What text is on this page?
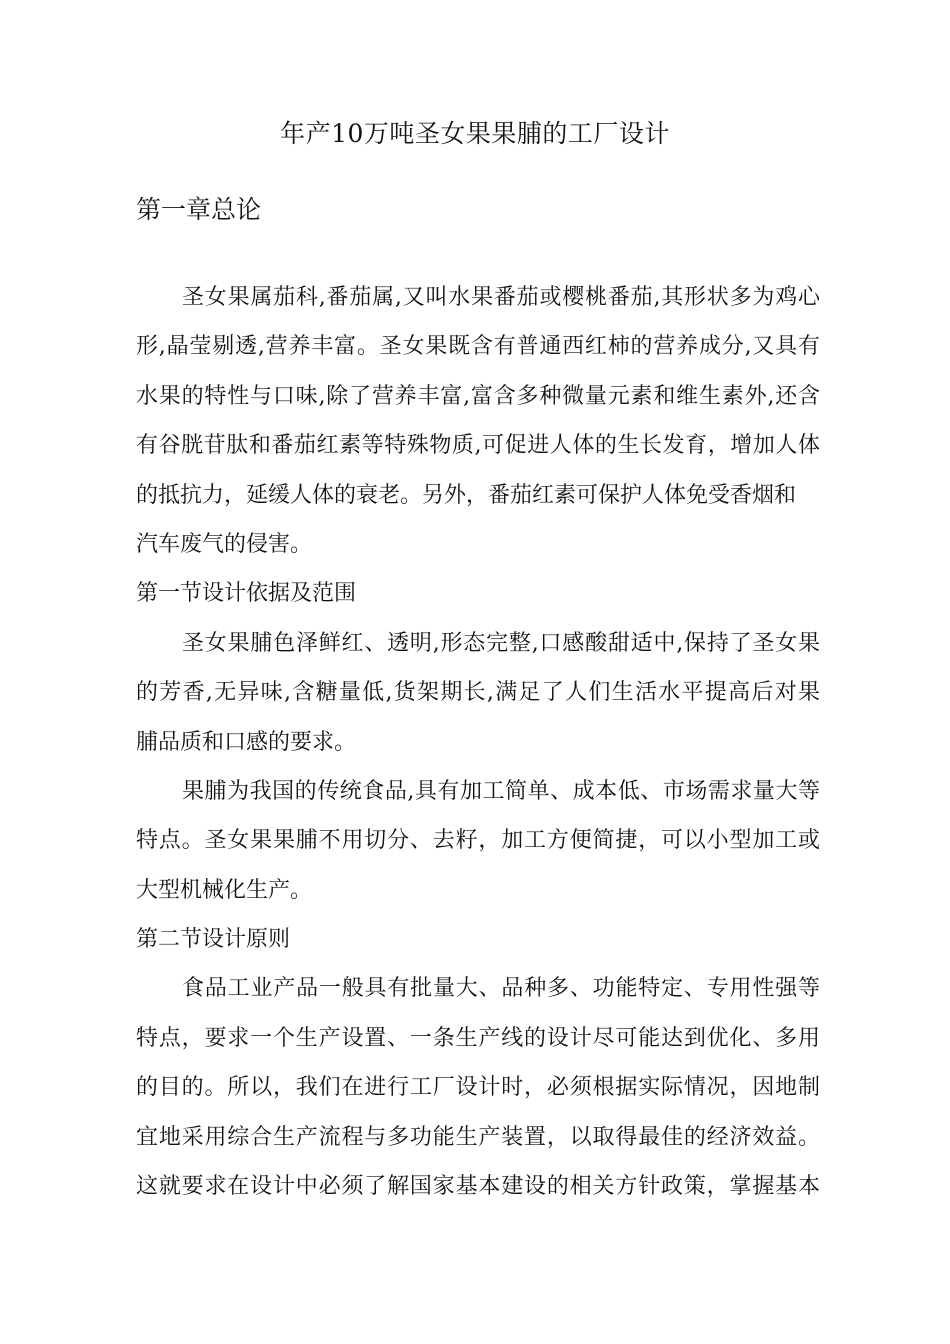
年产10万吨圣女果果脯的工厂设计
第一章总论
圣女果属茄科,番茄属,又叫水果番茄或樱桃番茄,其形状多为鸡心
形,晶莹剔透,营养丰富。圣女果既含有普通西红柿的营养成分,又具有
水果的特性与口味,除了营养丰富,富含多种微量元素和维生素外,还含
有谷胱苷肽和番茄红素等特殊物质,可促进人体的生长发育，增加人体
的抵抗力，延缓人体的衰老。另外，番茄红素可保护人体免受香烟和
汽车废气的侵害。
第一节设计依据及范围
圣女果脯色泽鲜红、透明,形态完整,口感酸甜适中,保持了圣女果
的芳香,无异味,含糖量低,货架期长,满足了人们生活水平提高后对果
脯品质和口感的要求。
果脯为我国的传统食品,具有加工简单、成本低、市场需求量大等
特点。圣女果果脯不用切分、去籽，加工方便简捷，可以小型加工或
大型机械化生产。
第二节设计原则
食品工业产品一般具有批量大、品种多、功能特定、专用性强等
特点，要求一个生产设置、一条生产线的设计尽可能达到优化、多用
的目的。所以，我们在进行工厂设计时，必须根据实际情况，因地制
宜地采用综合生产流程与多功能生产装置，以取得最佳的经济效益。
这就要求在设计中必须了解国家基本建设的相关方针政策，掌握基本
